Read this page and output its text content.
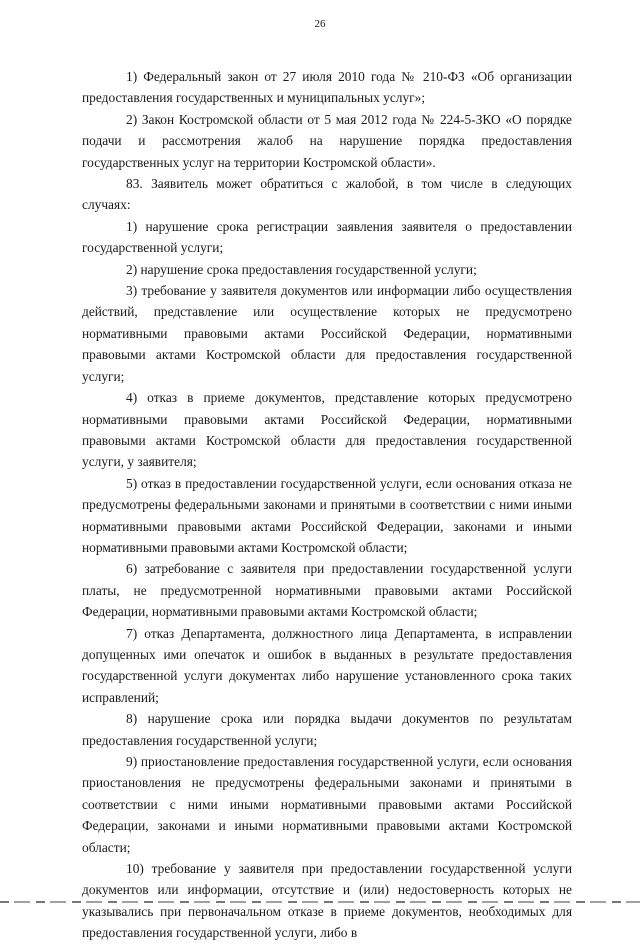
26

1) Федеральный закон от 27 июля 2010 года № 210-ФЗ «Об организации предоставления государственных и муниципальных услуг»;

2) Закон Костромской области от 5 мая 2012 года № 224-5-ЗКО «О порядке подачи и рассмотрения жалоб на нарушение порядка предоставления государственных услуг на территории Костромской области».

83. Заявитель может обратиться с жалобой, в том числе в следующих случаях:

1) нарушение срока регистрации заявления заявителя о предоставлении государственной услуги;

2) нарушение срока предоставления государственной услуги;

3) требование у заявителя документов или информации либо осуществления действий, представление или осуществление которых не предусмотрено нормативными правовыми актами Российской Федерации, нормативными правовыми актами Костромской области для предоставления государственной услуги;

4) отказ в приеме документов, представление которых предусмотрено нормативными правовыми актами Российской Федерации, нормативными правовыми актами Костромской области для предоставления государственной услуги, у заявителя;

5) отказ в предоставлении государственной услуги, если основания отказа не предусмотрены федеральными законами и принятыми в соответствии с ними иными нормативными правовыми актами Российской Федерации, законами и иными нормативными правовыми актами Костромской области;

6) затребование с заявителя при предоставлении государственной услуги платы, не предусмотренной нормативными правовыми актами Российской Федерации, нормативными правовыми актами Костромской области;

7) отказ Департамента, должностного лица Департамента, в исправлении допущенных ими опечаток и ошибок в выданных в результате предоставления государственной услуги документах либо нарушение установленного срока таких исправлений;

8) нарушение срока или порядка выдачи документов по результатам предоставления государственной услуги;

9) приостановление предоставления государственной услуги, если основания приостановления не предусмотрены федеральными законами и принятыми в соответствии с ними иными нормативными правовыми актами Российской Федерации, законами и иными нормативными правовыми актами Костромской области;

10) требование у заявителя при предоставлении государственной услуги документов или информации, отсутствие и (или) недостоверность которых не указывались при первоначальном отказе в приеме документов, необходимых для предоставления государственной услуги, либо в
